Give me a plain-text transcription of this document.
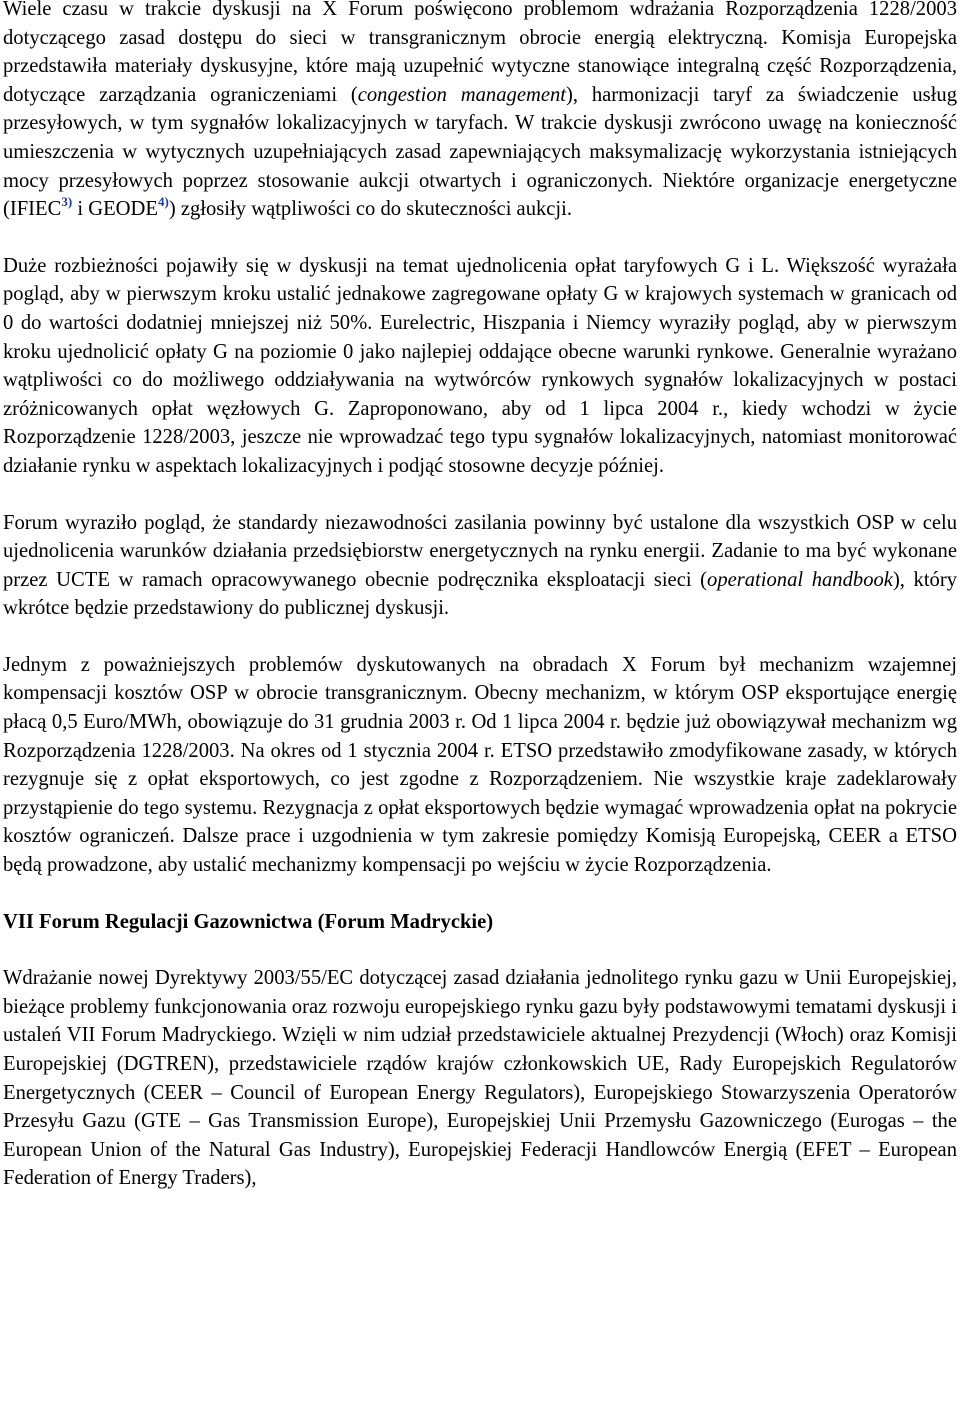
Wiele czasu w trakcie dyskusji na X Forum poświęcono problemom wdrażania Rozporządzenia 1228/2003 dotyczącego zasad dostępu do sieci w transgranicznym obrocie energią elektryczną. Komisja Europejska przedstawiła materiały dyskusyjne, które mają uzupełnić wytyczne stanowiące integralną część Rozporządzenia, dotyczące zarządzania ograniczeniami (congestion management), harmonizacji taryf za świadczenie usług przesyłowych, w tym sygnałów lokalizacyjnych w taryfach. W trakcie dyskusji zwrócono uwagę na konieczność umieszczenia w wytycznych uzupełniających zasad zapewniających maksymalizację wykorzystania istniejących mocy przesyłowych poprzez stosowanie aukcji otwartych i ograniczonych. Niektóre organizacje energetyczne (IFIEC$^{3)}$ i GEODE$^{4)}$) zgłosiły wątpliwości co do skuteczności aukcji.

Duże rozbieżności pojawiły się w dyskusji na temat ujednolicenia opłat taryfowych G i L. Większość wyrażała pogląd, aby w pierwszym kroku ustalić jednakowe zagregowane opłaty G w krajowych systemach w granicach od 0 do wartości dodatniej mniejszej niż 50%. Eurelectric, Hiszpania i Niemcy wyraziły pogląd, aby w pierwszym kroku ujednolicić opłaty G na poziomie 0 jako najlepiej oddające obecne warunki rynkowe. Generalnie wyrażano wątpliwości co do możliwego oddziaływania na wytwórców rynkowych sygnałów lokalizacyjnych w postaci zróżnicowanych opłat węzłowych G. Zaproponowano, aby od 1 lipca 2004 r., kiedy wchodzi w życie Rozporządzenie 1228/2003, jeszcze nie wprowadzać tego typu sygnałów lokalizacyjnych, natomiast monitorować działanie rynku w aspektach lokalizacyjnych i podjąć stosowne decyzje później.

Forum wyraziło pogląd, że standardy niezawodności zasilania powinny być ustalone dla wszystkich OSP w celu ujednolicenia warunków działania przedsiębiorstw energetycznych na rynku energii. Zadanie to ma być wykonane przez UCTE w ramach opracowywanego obecnie podręcznika eksploatacji sieci (operational handbook), który wkrótce będzie przedstawiony do publicznej dyskusji.

Jednym z poważniejszych problemów dyskutowanych na obradach X Forum był mechanizm wzajemnej kompensacji kosztów OSP w obrocie transgranicznym. Obecny mechanizm, w którym OSP eksportujące energię płacą 0,5 Euro/MWh, obowiązuje do 31 grudnia 2003 r. Od 1 lipca 2004 r. będzie już obowiązywał mechanizm wg Rozporządzenia 1228/2003. Na okres od 1 stycznia 2004 r. ETSO przedstawiło zmodyfikowane zasady, w których rezygnuje się z opłat eksportowych, co jest zgodne z Rozporządzeniem. Nie wszystkie kraje zadeklarowały przystąpienie do tego systemu. Rezygnacja z opłat eksportowych będzie wymagać wprowadzenia opłat na pokrycie kosztów ograniczeń. Dalsze prace i uzgodnienia w tym zakresie pomiędzy Komisją Europejską, CEER a ETSO będą prowadzone, aby ustalić mechanizmy kompensacji po wejściu w życie Rozporządzenia.

VII Forum Regulacji Gazownictwa (Forum Madryckie)

Wdrażanie nowej Dyrektywy 2003/55/EC dotyczącej zasad działania jednolitego rynku gazu w Unii Europejskiej, bieżące problemy funkcjonowania oraz rozwoju europejskiego rynku gazu były podstawowymi tematami dyskusji i ustaleń VII Forum Madryckiego. Wzięli w nim udział przedstawiciele aktualnej Prezydencji (Włoch) oraz Komisji Europejskiej (DGTREN), przedstawiciele rządów krajów członkowskich UE, Rady Europejskich Regulatorów Energetycznych (CEER – Council of European Energy Regulators), Europejskiego Stowarzyszenia Operatorów Przesyłu Gazu (GTE – Gas Transmission Europe), Europejskiej Unii Przemysłu Gazowniczego (Eurogas – the European Union of the Natural Gas Industry), Europejskiej Federacji Handlowców Energią (EFET – European Federation of Energy Traders),
